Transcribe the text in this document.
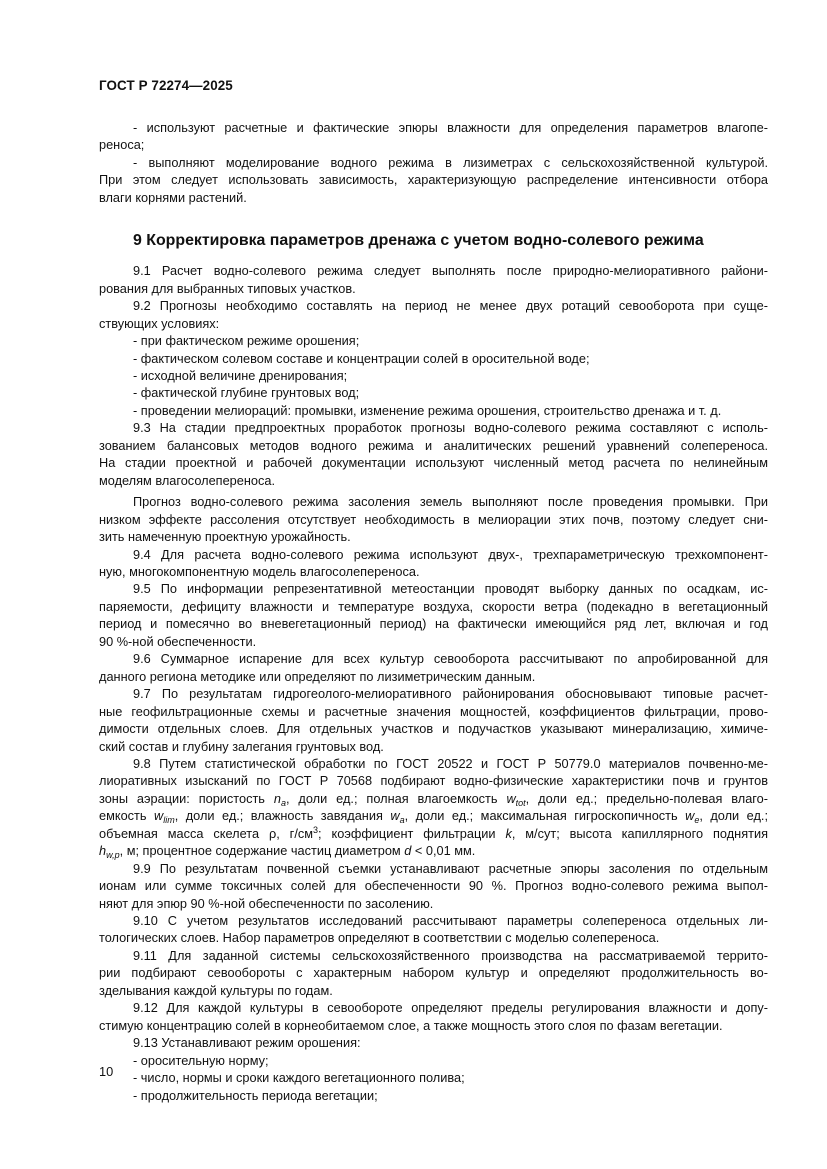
ГОСТ Р 72274—2025

- используют расчетные и фактические эпюры влажности для определения параметров влагопе-

реноса;

- выполняют моделирование водного режима в лизиметрах с сельскохозяйственной культурой.

При этом следует использовать зависимость, характеризующую распределение интенсивности отбора

влаги корнями растений.

9 Корректировка параметров дренажа с учетом водно-солевого режима

9.1 Расчет водно-солевого режима следует выполнять после природно-мелиоративного райони-

рования для выбранных типовых участков.

9.2 Прогнозы необходимо составлять на период не менее двух ротаций севооборота при суще-

ствующих условиях:

- при фактическом режиме орошения;

- фактическом солевом составе и концентрации солей в оросительной воде;

- исходной величине дренирования;

- фактической глубине грунтовых вод;

- проведении мелиораций: промывки, изменение режима орошения, строительство дренажа и т. д.

9.3 На стадии предпроектных проработок прогнозы водно-солевого режима составляют с исполь-

зованием балансовых методов водного режима и аналитических решений уравнений солепереноса.

На стадии проектной и рабочей документации используют численный метод расчета по нелинейным

моделям влагосолепереноса.

Прогноз водно-солевого режима засоления земель выполняют после проведения промывки. При

низком эффекте рассоления отсутствует необходимость в мелиорации этих почв, поэтому следует сни-

зить намеченную проектную урожайность.

9.4 Для расчета водно-солевого режима используют двух-, трехпараметрическую трехкомпонент-

ную, многокомпонентную модель влагосолепереноса.

9.5 По информации репрезентативной метеостанции проводят выборку данных по осадкам, ис-

паряемости, дефициту влажности и температуре воздуха, скорости ветра (подекадно в вегетационный

период и помесячно во вневегетационный период) на фактически имеющийся ряд лет, включая и год

90 %-ной обеспеченности.

9.6 Суммарное испарение для всех культур севооборота рассчитывают по апробированной для

данного региона методике или определяют по лизиметрическим данным.

9.7 По результатам гидрогеолого-мелиоративного районирования обосновывают типовые расчет-

ные геофильтрационные схемы и расчетные значения мощностей, коэффициентов фильтрации, прово-

димости отдельных слоев. Для отдельных участков и подучастков указывают минерализацию, химиче-

ский состав и глубину залегания грунтовых вод.

9.8 Путем статистической обработки по ГОСТ 20522 и ГОСТ Р 50779.0 материалов почвенно-ме-

лиоративных изысканий по ГОСТ Р 70568 подбирают водно-физические характеристики почв и грунтов

зоны аэрации: пористость $n_a$, доли ед.; полная влагоемкость $w_{tot}$, доли ед.; предельно-полевая влаго-

емкость $w_{lim}$, доли ед.; влажность завядания $w_a$, доли ед.; максимальная гигроскопичность $w_e$, доли ед.;

объемная масса скелета ρ, $г/см^3$; коэффициент фильтрации k, м/сут; высота капиллярного поднятия

$h_{w,p}$, м; процентное содержание частиц диаметром d < 0,01 мм.

9.9 По результатам почвенной съемки устанавливают расчетные эпюры засоления по отдельным

ионам или сумме токсичных солей для обеспеченности 90 %. Прогноз водно-солевого режима выпол-

няют для эпюр 90 %-ной обеспеченности по засолению.

9.10 С учетом результатов исследований рассчитывают параметры солепереноса отдельных ли-

тологических слоев. Набор параметров определяют в соответствии с моделью солепереноса.

9.11 Для заданной системы сельскохозяйственного производства на рассматриваемой террито-

рии подбирают севообороты с характерным набором культур и определяют продолжительность во-

зделывания каждой культуры по годам.

9.12 Для каждой культуры в севообороте определяют пределы регулирования влажности и допу-

стимую концентрацию солей в корнеобитаемом слое, а также мощность этого слоя по фазам вегетации.

9.13 Устанавливают режим орошения:

- оросительную норму;

- число, нормы и сроки каждого вегетационного полива;

- продолжительность периода вегетации;

10
